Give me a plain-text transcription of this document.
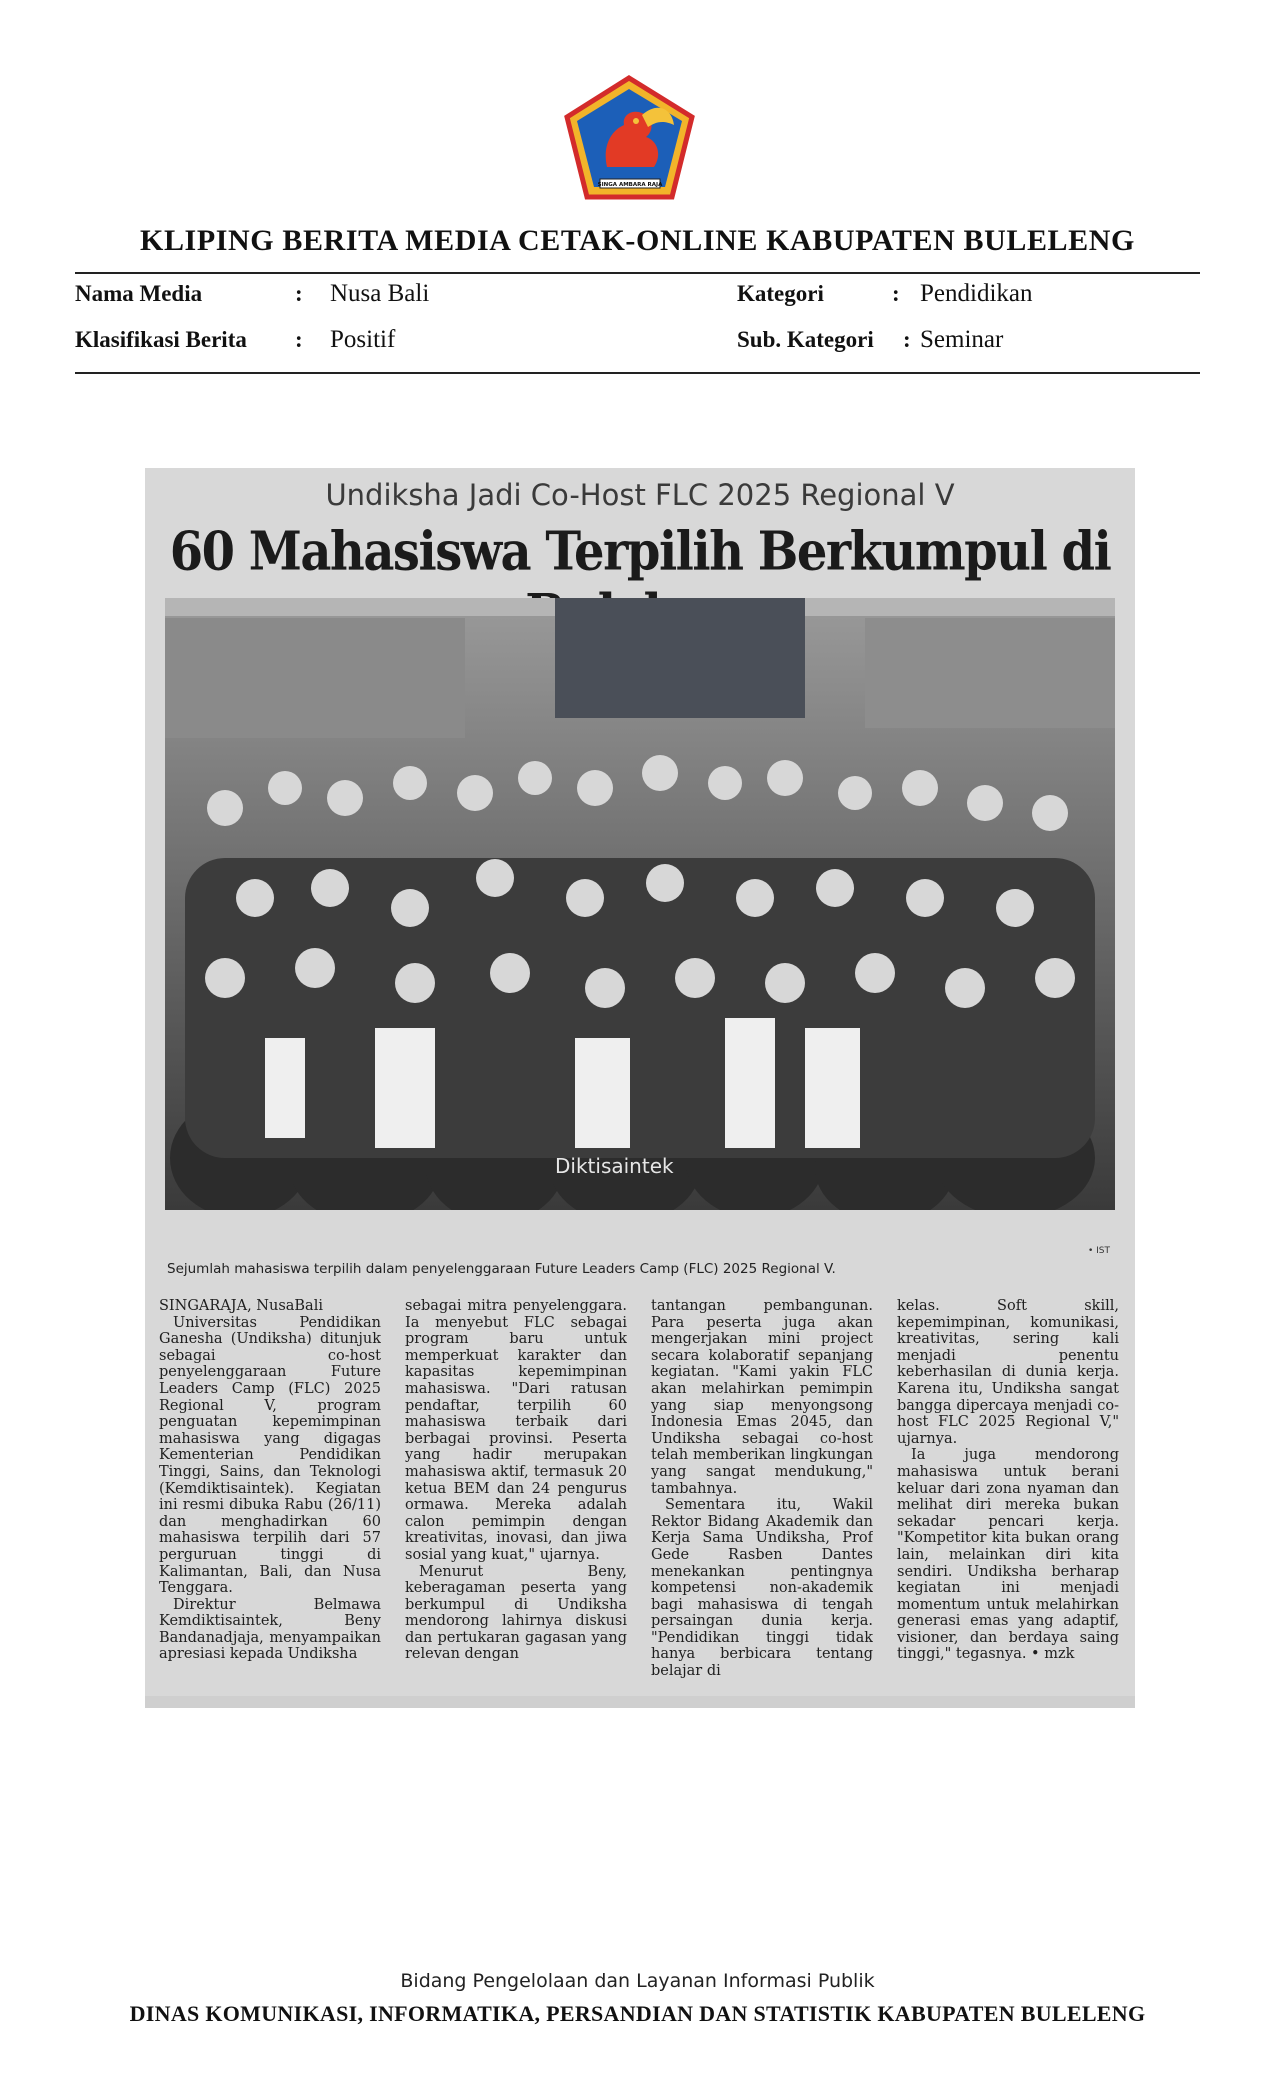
SINGA AMBARA RAJA
KLIPING BERITA MEDIA CETAK-ONLINE KABUPATEN BULELENG
Nama Media	: Nusa Bali
Klasifikasi Berita : Positif
Kategori	: Pendidikan
Sub. Kategori : Seminar
Undiksha Jadi Co-Host FLC 2025 Regional V
60 Mahasiswa Terpilih Berkumpul di
Diktisaintek
• IST
Sejumlah mahasiswa terpilih dalam penyelenggaraan Future Leaders Camp (FLC) 2025 Regional V.

SINGARAJA, NusaBali

Universitas Pendidikan Ganesha (Undiksha) ditunjuk sebagai co-host penyelenggaraan Future Leaders Camp (FLC) 2025 Regional V, program penguatan kepemimpinan mahasiswa yang digagas Kementerian Pendidikan Tinggi, Sains, dan Teknologi (Kemdiktisaintek). Kegiatan ini resmi dibuka Rabu (26/11) dan menghadirkan 60 mahasiswa terpilih dari 57 perguruan tinggi di Kalimantan, Bali, dan Nusa Tenggara.

Direktur Belmawa Kemdiktisaintek, Beny Bandanadjaja, menyampaikan apresiasi kepada Undiksha

sebagai mitra penyelenggara. Ia menyebut FLC sebagai program baru untuk memperkuat karakter dan kapasitas kepemimpinan mahasiswa. "Dari ratusan pendaftar, terpilih 60 mahasiswa terbaik dari berbagai provinsi. Peserta yang hadir merupakan mahasiswa aktif, termasuk 20 ketua BEM dan 24 pengurus ormawa. Mereka adalah calon pemimpin dengan kreativitas, inovasi, dan jiwa sosial yang kuat," ujarnya.

Menurut Beny, keberagaman peserta yang berkumpul di Undiksha mendorong lahirnya diskusi dan pertukaran gagasan yang relevan dengan

tantangan pembangunan. Para peserta juga akan mengerjakan mini project secara kolaboratif sepanjang kegiatan. "Kami yakin FLC akan melahirkan pemimpin yang siap menyongsong Indonesia Emas 2045, dan Undiksha sebagai co-host telah memberikan lingkungan yang sangat mendukung," tambahnya.

Sementara itu, Wakil Rektor Bidang Akademik dan Kerja Sama Undiksha, Prof Gede Rasben Dantes menekankan pentingnya kompetensi non-akademik bagi mahasiswa di tengah persaingan dunia kerja. "Pendidikan tinggi tidak hanya berbicara tentang belajar di

kelas. Soft skill, kepemimpinan, komunikasi, kreativitas, sering kali menjadi penentu keberhasilan di dunia kerja. Karena itu, Undiksha sangat bangga dipercaya menjadi co-host FLC 2025 Regional V," ujarnya.

Ia juga mendorong mahasiswa untuk berani keluar dari zona nyaman dan melihat diri mereka bukan sekadar pencari kerja. "Kompetitor kita bukan orang lain, melainkan diri kita sendiri. Undiksha berharap kegiatan ini menjadi momentum untuk melahirkan generasi emas yang adaptif, visioner, dan berdaya saing tinggi," tegasnya. • mzk

Bidang Pengelolaan dan Layanan Informasi Publik
DINAS KOMUNIKASI, INFORMATIKA, PERSANDIAN DAN STATISTIK KABUPATEN BULELENG
